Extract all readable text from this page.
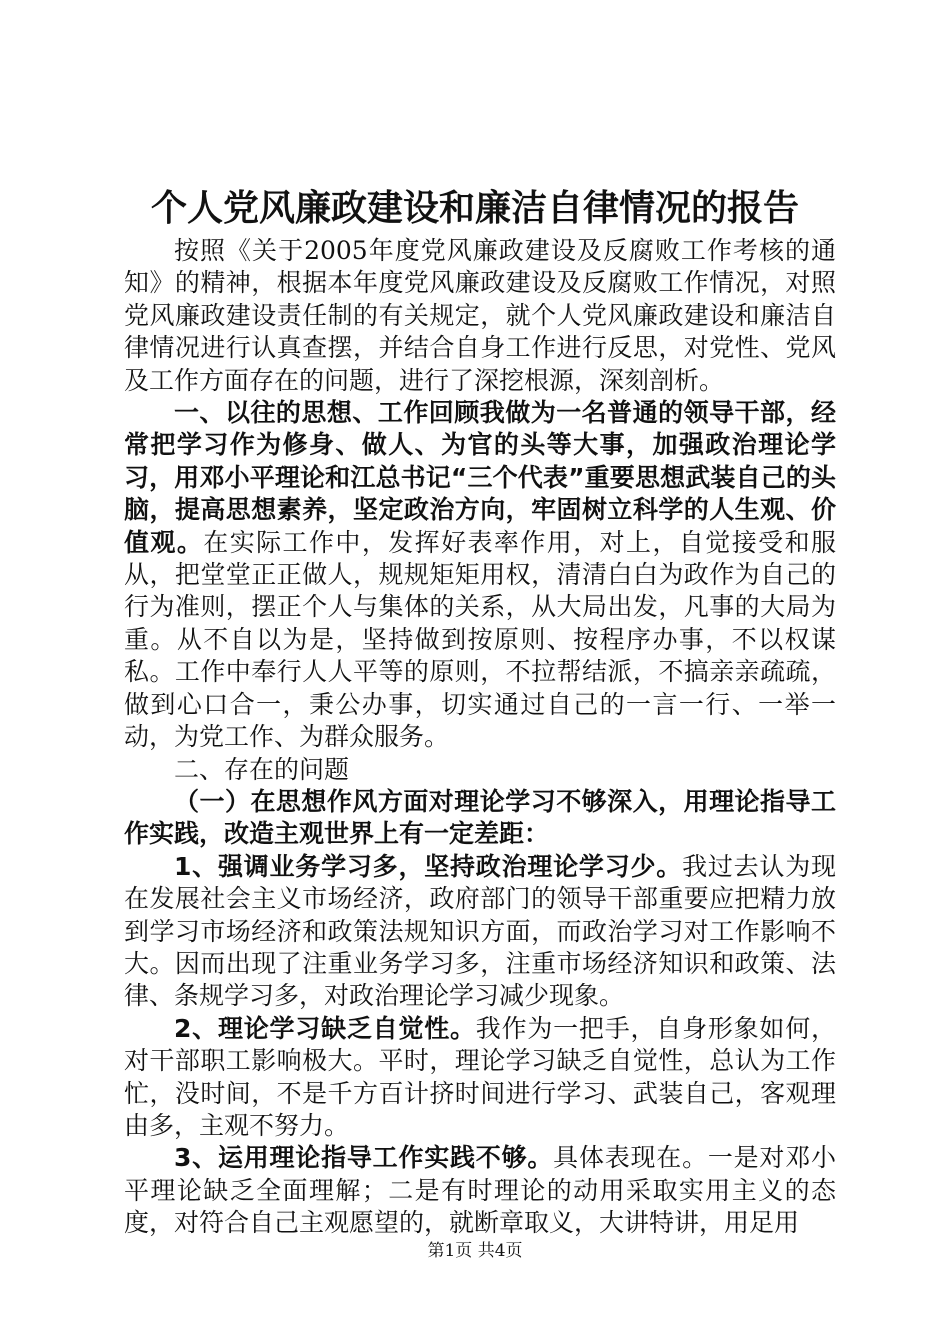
个人党风廉政建设和廉洁自律情况的报告

按照《关于2005年度党风廉政建设及反腐败工作考核的通知》的精神，根据本年度党风廉政建设及反腐败工作情况，对照党风廉政建设责任制的有关规定，就个人党风廉政建设和廉洁自律情况进行认真查摆，并结合自身工作进行反思，对党性、党风及工作方面存在的问题，进行了深挖根源，深刻剖析。

一、以往的思想、工作回顾我做为一名普通的领导干部，经常把学习作为修身、做人、为官的头等大事，加强政治理论学习，用邓小平理论和江总书记“三个代表”重要思想武装自己的头脑，提高思想素养，坚定政治方向，牢固树立科学的人生观、价值观。在实际工作中，发挥好表率作用，对上，自觉接受和服从，把堂堂正正做人，规规矩矩用权，清清白白为政作为自己的行为准则，摆正个人与集体的关系，从大局出发，凡事的大局为重。从不自以为是，坚持做到按原则、按程序办事，不以权谋私。工作中奉行人人平等的原则，不拉帮结派，不搞亲亲疏疏，做到心口合一，秉公办事，切实通过自己的一言一行、一举一动，为党工作、为群众服务。

二、存在的问题

（一）在思想作风方面对理论学习不够深入，用理论指导工作实践，改造主观世界上有一定差距：

1、强调业务学习多，坚持政治理论学习少。我过去认为现在发展社会主义市场经济，政府部门的领导干部重要应把精力放到学习市场经济和政策法规知识方面，而政治学习对工作影响不大。因而出现了注重业务学习多，注重市场经济知识和政策、法律、条规学习多，对政治理论学习减少现象。

2、理论学习缺乏自觉性。我作为一把手，自身形象如何，对干部职工影响极大。平时，理论学习缺乏自觉性，总认为工作忙，没时间，不是千方百计挤时间进行学习、武装自己，客观理由多，主观不努力。

3、运用理论指导工作实践不够。具体表现在。一是对邓小平理论缺乏全面理解；二是有时理论的动用采取实用主义的态度，对符合自己主观愿望的，就断章取义，大讲特讲，用足用

第1页 共4页
